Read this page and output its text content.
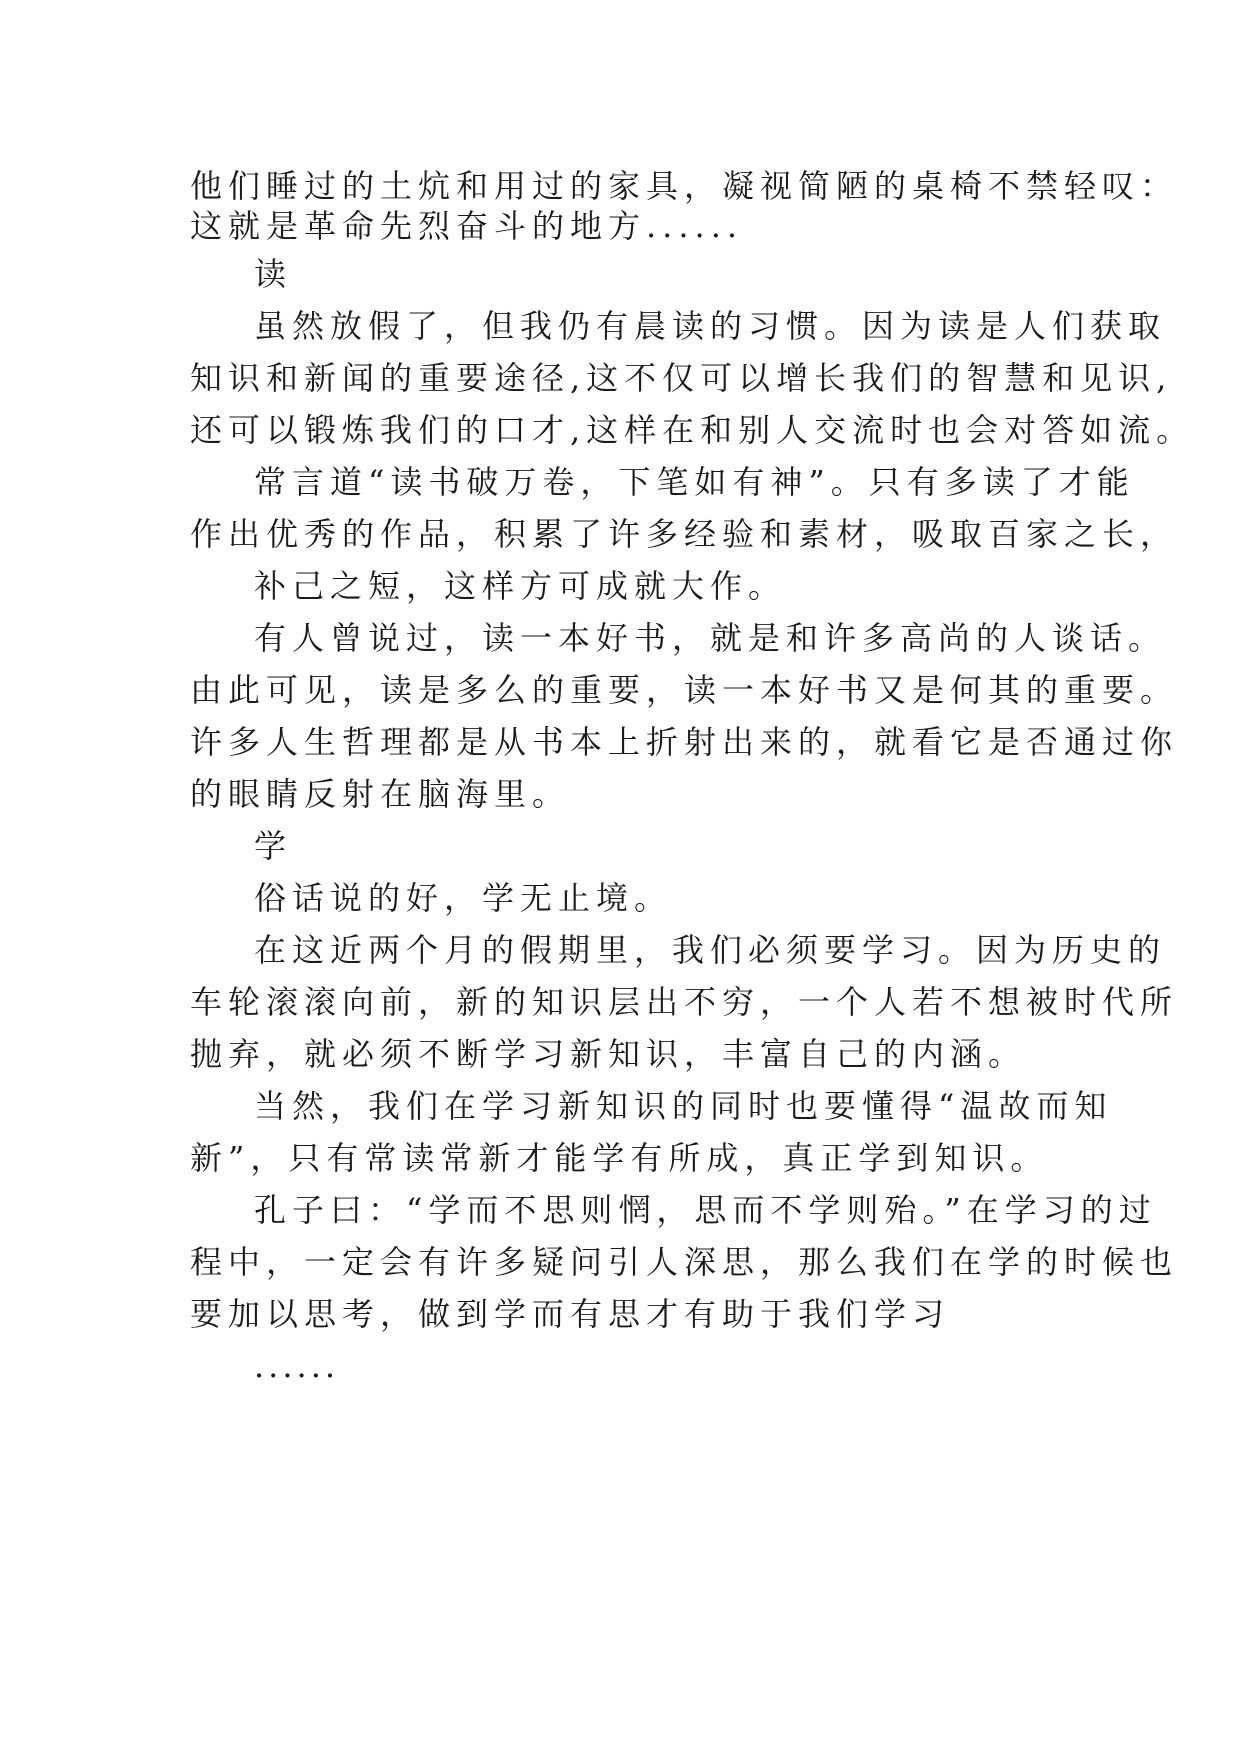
他们睡过的土炕和用过的家具，凝视简陋的桌椅不禁轻叹：

这就是革命先烈奋斗的地方......

读

虽然放假了，但我仍有晨读的习惯。因为读是人们获取

知识和新闻的重要途径,这不仅可以增长我们的智慧和见识,

还可以锻炼我们的口才,这样在和别人交流时也会对答如流。

常言道“读书破万卷，下笔如有神”。只有多读了才能

作出优秀的作品，积累了许多经验和素材，吸取百家之长，

补己之短，这样方可成就大作。

有人曾说过，读一本好书，就是和许多高尚的人谈话。

由此可见，读是多么的重要，读一本好书又是何其的重要。

许多人生哲理都是从书本上折射出来的，就看它是否通过你

的眼睛反射在脑海里。

学

俗话说的好，学无止境。

在这近两个月的假期里，我们必须要学习。因为历史的

车轮滚滚向前，新的知识层出不穷，一个人若不想被时代所

抛弃，就必须不断学习新知识，丰富自己的内涵。

当然，我们在学习新知识的同时也要懂得“温故而知

新”，只有常读常新才能学有所成，真正学到知识。

孔子曰：“学而不思则惘，思而不学则殆。”在学习的过

程中，一定会有许多疑问引人深思，那么我们在学的时候也

要加以思考，做到学而有思才有助于我们学习

......
